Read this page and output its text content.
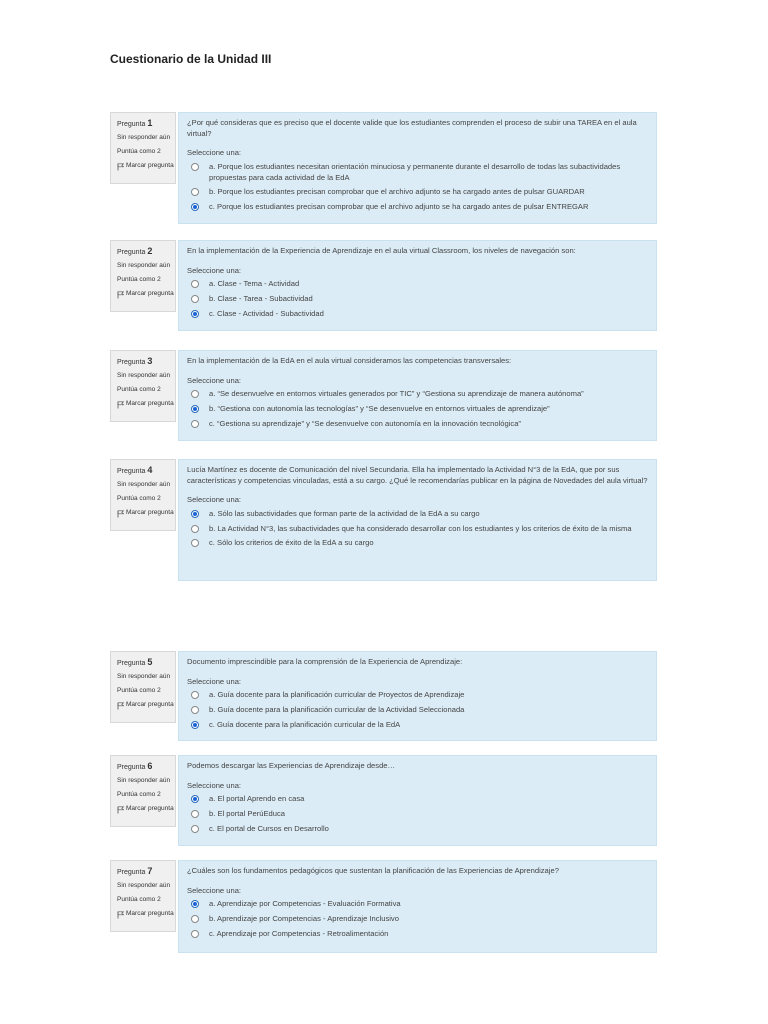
Cuestionario de la Unidad III
Pregunta 1
Sin responder aún
Puntúa como 2
Marcar pregunta
¿Por qué consideras que es preciso que el docente valide que los estudiantes comprenden el proceso de subir una TAREA en el aula virtual?
Seleccione una:
a. Porque los estudiantes necesitan orientación minuciosa y permanente durante el desarrollo de todas las subactividades propuestas para cada actividad de la EdA
b. Porque los estudiantes precisan comprobar que el archivo adjunto se ha cargado antes de pulsar GUARDAR
c. Porque los estudiantes precisan comprobar que el archivo adjunto se ha cargado antes de pulsar ENTREGAR
Pregunta 2
Sin responder aún
Puntúa como 2
Marcar pregunta
En la implementación de la Experiencia de Aprendizaje en el aula virtual Classroom, los niveles de navegación son:
Seleccione una:
a. Clase - Tema - Actividad
b. Clase - Tarea - Subactividad
c. Clase - Actividad - Subactividad
Pregunta 3
Sin responder aún
Puntúa como 2
Marcar pregunta
En la implementación de la EdA en el aula virtual consideramos las competencias transversales:
Seleccione una:
a. “Se desenvuelve en entornos virtuales generados por TIC” y “Gestiona su aprendizaje de manera autónoma”
b. “Gestiona con autonomía las tecnologías” y “Se desenvuelve en entornos virtuales de aprendizaje”
c. “Gestiona su aprendizaje” y “Se desenvuelve con autonomía en la innovación tecnológica”
Pregunta 4
Sin responder aún
Puntúa como 2
Marcar pregunta
Lucía Martínez es docente de Comunicación del nivel Secundaria. Ella ha implementado la Actividad N°3 de la EdA, que por sus características y competencias vinculadas, está a su cargo. ¿Qué le recomendarías publicar en la página de Novedades del aula virtual?
Seleccione una:
a. Sólo las subactividades que forman parte de la actividad de la EdA a su cargo
b. La Actividad N°3, las subactividades que ha considerado desarrollar con los estudiantes y los criterios de éxito de la misma
c. Sólo los criterios de éxito de la EdA a su cargo
Pregunta 5
Sin responder aún
Puntúa como 2
Marcar pregunta
Documento imprescindible para la comprensión de la Experiencia de Aprendizaje:
Seleccione una:
a. Guía docente para la planificación curricular de Proyectos de Aprendizaje
b. Guía docente para la planificación curricular de la Actividad Seleccionada
c. Guía docente para la planificación curricular de la EdA
Pregunta 6
Sin responder aún
Puntúa como 2
Marcar pregunta
Podemos descargar las Experiencias de Aprendizaje desde…
Seleccione una:
a. El portal Aprendo en casa
b. El portal PerúEduca
c. El portal de Cursos en Desarrollo
Pregunta 7
Sin responder aún
Puntúa como 2
Marcar pregunta
¿Cuáles son los fundamentos pedagógicos que sustentan la planificación de las Experiencias de Aprendizaje?
Seleccione una:
a. Aprendizaje por Competencias - Evaluación Formativa
b. Aprendizaje por Competencias - Aprendizaje Inclusivo
c. Aprendizaje por Competencias - Retroalimentación
